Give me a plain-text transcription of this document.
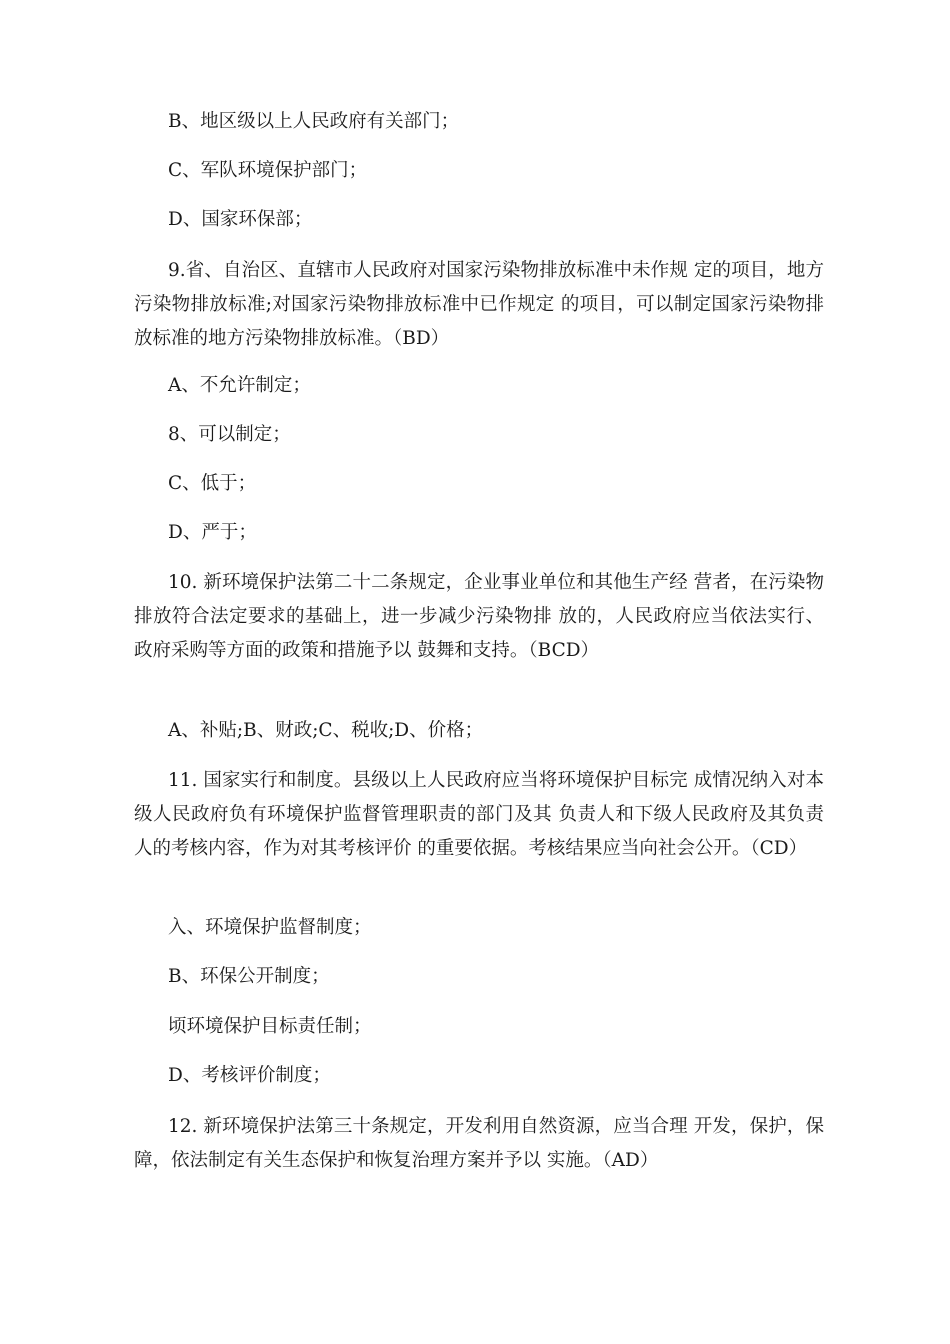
B、地区级以上人民政府有关部门；
C、军队环境保护部门；
D、国家环保部；
9.省、自治区、直辖市人民政府对国家污染物排放标准中未作规 定的项目，地方污染物排放标准;对国家污染物排放标准中已作规定 的项目，可以制定国家污染物排放标准的地方污染物排放标准。（BD）
A、不允许制定；
8、可以制定；
C、低于；
D、严于；
10. 新环境保护法第二十二条规定，企业事业单位和其他生产经 营者，在污染物排放符合法定要求的基础上，进一步减少污染物排 放的，人民政府应当依法实行、政府采购等方面的政策和措施予以 鼓舞和支持。（BCD）
A、补贴;B、财政;C、税收;D、价格；
11. 国家实行和制度。县级以上人民政府应当将环境保护目标完 成情况纳入对本级人民政府负有环境保护监督管理职责的部门及其 负责人和下级人民政府及其负责人的考核内容，作为对其考核评价 的重要依据。考核结果应当向社会公开。（CD）
入、环境保护监督制度；
B、环保公开制度；
顷环境保护目标责任制；
D、考核评价制度；
12. 新环境保护法第三十条规定，开发利用自然资源，应当合理 开发，保护，保障，依法制定有关生态保护和恢复治理方案并予以 实施。（AD）
